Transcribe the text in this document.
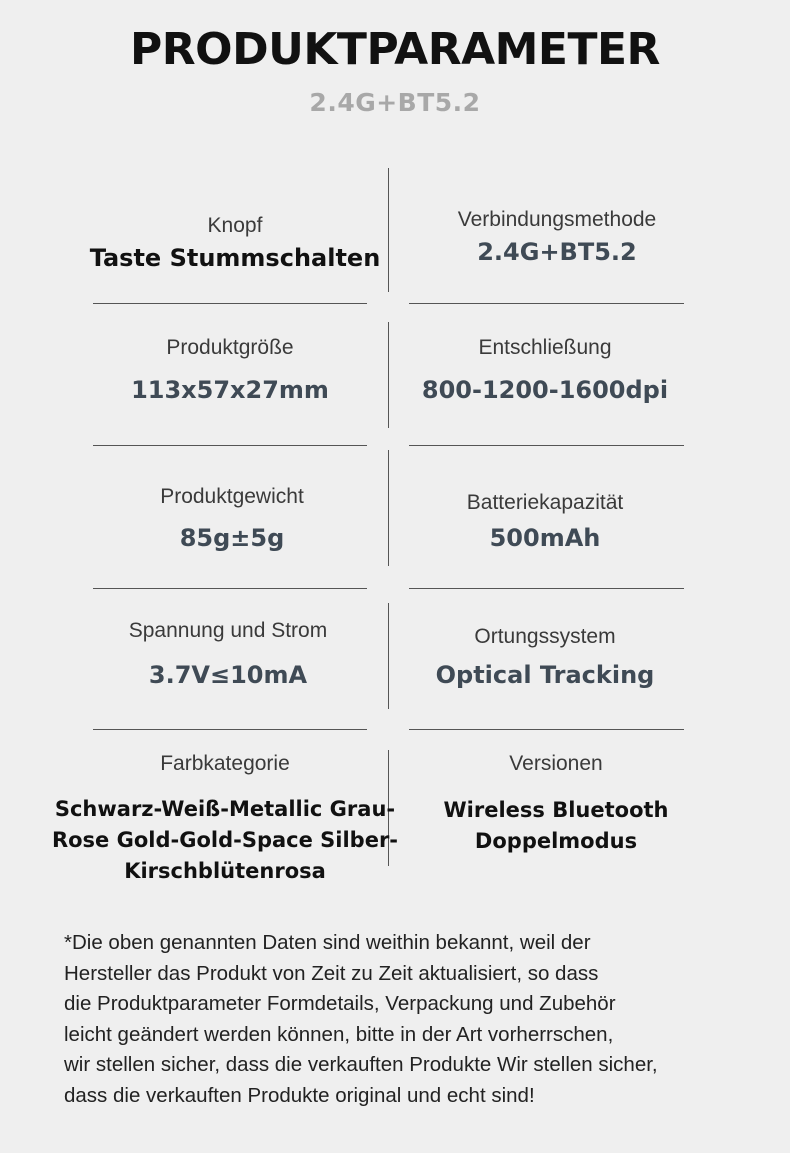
PRODUKTPARAMETER
2.4G+BT5.2
Knopf
Taste Stummschalten
Verbindungsmethode
2.4G+BT5.2
Produktgröße
113x57x27mm
Entschließung
800-1200-1600dpi
Produktgewicht
85g±5g
Batteriekapazität
500mAh
Spannung und Strom
3.7V≤10mA
Ortungssystem
Optical Tracking
Farbkategorie
Schwarz-Weiß-Metallic Grau-
Rose Gold-Gold-Space Silber-
Kirschblütenrosa
Versionen
Wireless Bluetooth
Doppelmodus
*Die oben genannten Daten sind weithin bekannt, weil der
Hersteller das Produkt von Zeit zu Zeit aktualisiert, so dass
die Produktparameter Formdetails, Verpackung und Zubehör
leicht geändert werden können, bitte in der Art vorherrschen,
wir stellen sicher, dass die verkauften Produkte Wir stellen sicher,
dass die verkauften Produkte original und echt sind!
